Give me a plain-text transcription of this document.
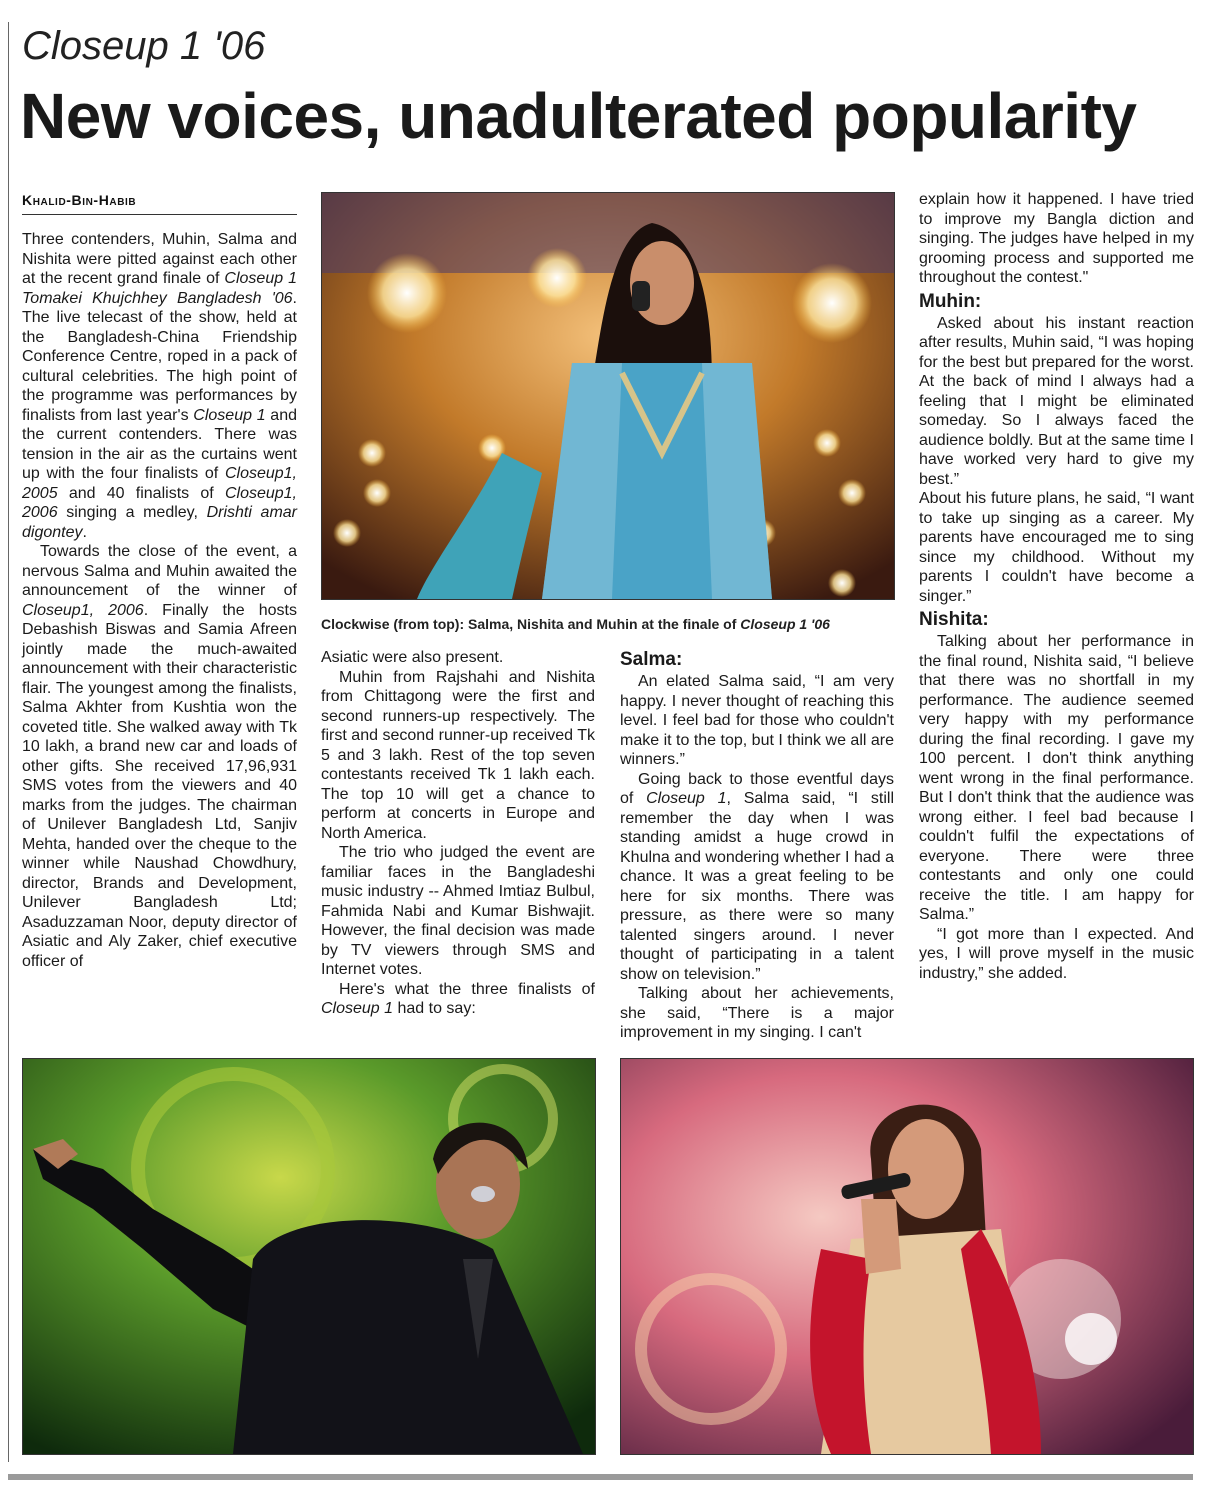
Closeup 1 '06
New voices, unadulterated popularity
Khalid-Bin-Habib

Three contenders, Muhin, Salma and Nishita were pitted against each other at the recent grand finale of Closeup 1 Tomakei Khujchhey Bangladesh '06. The live telecast of the show, held at the Bangladesh-China Friendship Conference Centre, roped in a pack of cultural celebrities. The high point of the programme was performances by finalists from last year's Closeup 1 and the current contenders. There was tension in the air as the curtains went up with the four finalists of Closeup1, 2005 and 40 finalists of Closeup1, 2006 singing a medley, Drishti amar digontey.

Towards the close of the event, a nervous Salma and Muhin awaited the announcement of the winner of Closeup1, 2006. Finally the hosts Debashish Biswas and Samia Afreen jointly made the much-awaited announcement with their characteristic flair. The youngest among the finalists, Salma Akhter from Kushtia won the coveted title. She walked away with Tk 10 lakh, a brand new car and loads of other gifts. She received 17,96,931 SMS votes from the viewers and 40 marks from the judges. The chairman of Unilever Bangladesh Ltd, Sanjiv Mehta, handed over the cheque to the winner while Naushad Chowdhury, director, Brands and Development, Unilever Bangladesh Ltd; Asaduzzaman Noor, deputy director of Asiatic and Aly Zaker, chief executive officer of

Clockwise (from top): Salma, Nishita and Muhin at the finale of Closeup 1 '06

Asiatic were also present.

Muhin from Rajshahi and Nishita from Chittagong were the first and second runners-up respectively. The first and second runner-up received Tk 5 and 3 lakh. Rest of the top seven contestants received Tk 1 lakh each. The top 10 will get a chance to perform at concerts in Europe and North America.

The trio who judged the event are familiar faces in the Bangladeshi music industry -- Ahmed Imtiaz Bulbul, Fahmida Nabi and Kumar Bishwajit. However, the final decision was made by TV viewers through SMS and Internet votes.

Here's what the three finalists of Closeup 1 had to say:

Salma:

An elated Salma said, “I am very happy. I never thought of reaching this level. I feel bad for those who couldn't make it to the top, but I think we all are winners.”

Going back to those eventful days of Closeup 1, Salma said, “I still remember the day when I was standing amidst a huge crowd in Khulna and wondering whether I had a chance. It was a great feeling to be here for six months. There was pressure, as there were so many talented singers around. I never thought of participating in a talent show on television.”

Talking about her achievements, she said, “There is a major improvement in my singing. I can't

explain how it happened. I have tried to improve my Bangla diction and singing. The judges have helped in my grooming process and supported me throughout the contest."

Muhin:

Asked about his instant reaction after results, Muhin said, “I was hoping for the best but prepared for the worst. At the back of mind I always had a feeling that I might be eliminated someday. So I always faced the audience boldly. But at the same time I have worked very hard to give my best.”

About his future plans, he said, “I want to take up singing as a career. My parents have encouraged me to sing since my childhood. Without my parents I couldn't have become a singer.”

Nishita:

Talking about her performance in the final round, Nishita said, “I believe that there was no shortfall in my performance. The audience seemed very happy with my performance during the final recording. I gave my 100 percent. I don't think anything went wrong in the final performance. But I don't think that the audience was wrong either. I feel bad because I couldn't fulfil the expectations of everyone. There were three contestants and only one could receive the title. I am happy for Salma.”

“I got more than I expected. And yes, I will prove myself in the music industry,” she added.
